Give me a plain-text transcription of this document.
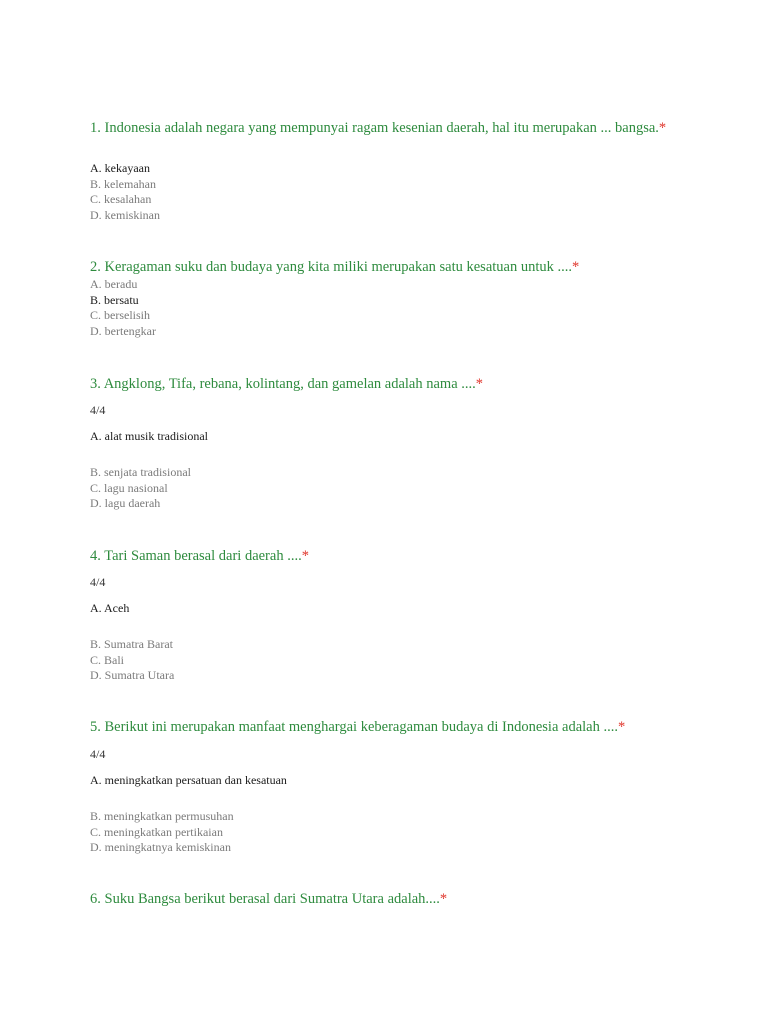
1. Indonesia adalah negara yang mempunyai ragam kesenian daerah, hal itu merupakan ... bangsa.*
A. kekayaan
B. kelemahan
C. kesalahan
D. kemiskinan
2. Keragaman suku dan budaya yang kita miliki merupakan satu kesatuan untuk ....*
A. beradu
B. bersatu
C. berselisih
D. bertengkar
3. Angklong, Tifa, rebana, kolintang, dan gamelan adalah nama ....*
4/4
A. alat musik tradisional
B. senjata tradisional
C. lagu nasional
D. lagu daerah
4. Tari Saman berasal dari daerah ....*
4/4
A. Aceh
B. Sumatra Barat
C. Bali
D. Sumatra Utara
5. Berikut ini merupakan manfaat menghargai keberagaman budaya di Indonesia adalah ....*
4/4
A. meningkatkan persatuan dan kesatuan
B. meningkatkan permusuhan
C. meningkatkan pertikaian
D. meningkatnya kemiskinan
6. Suku Bangsa berikut berasal dari Sumatra Utara adalah....*
